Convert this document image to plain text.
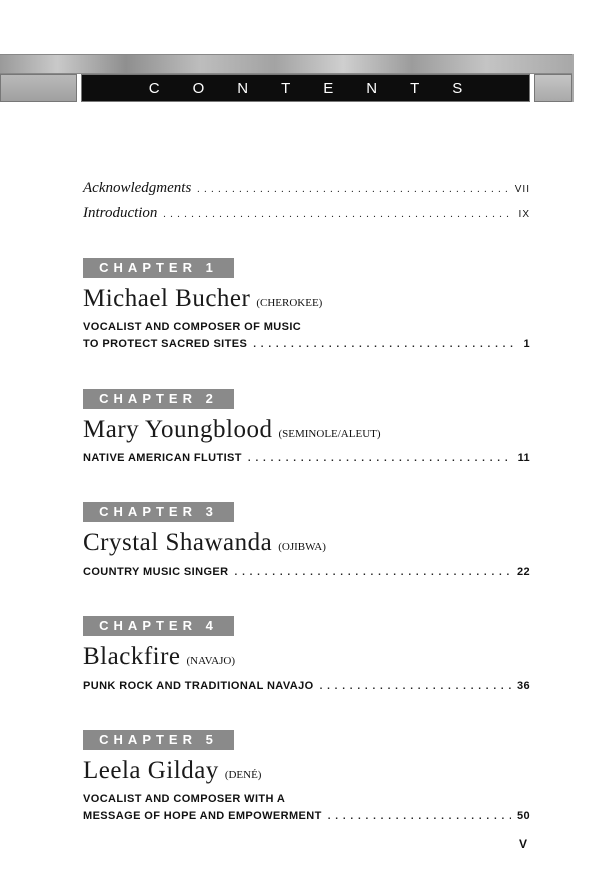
CONTENTS
Acknowledgments . . .	VII
Introduction . . .	IX
CHAPTER 1
Michael Bucher (CHEROKEE)
VOCALIST AND COMPOSER OF MUSIC
TO PROTECT SACRED SITES . . .	1
CHAPTER 2
Mary Youngblood (SEMINOLE/ALEUT)
NATIVE AMERICAN FLUTIST . . .	11
CHAPTER 3
Crystal Shawanda (OJIBWA)
COUNTRY MUSIC SINGER . . .	22
CHAPTER 4
Blackfire (NAVAJO)
PUNK ROCK AND TRADITIONAL NAVAJO . . .	36
CHAPTER 5
Leela Gilday (DENÉ)
VOCALIST AND COMPOSER WITH A
MESSAGE OF HOPE AND EMPOWERMENT . . .	50
V
